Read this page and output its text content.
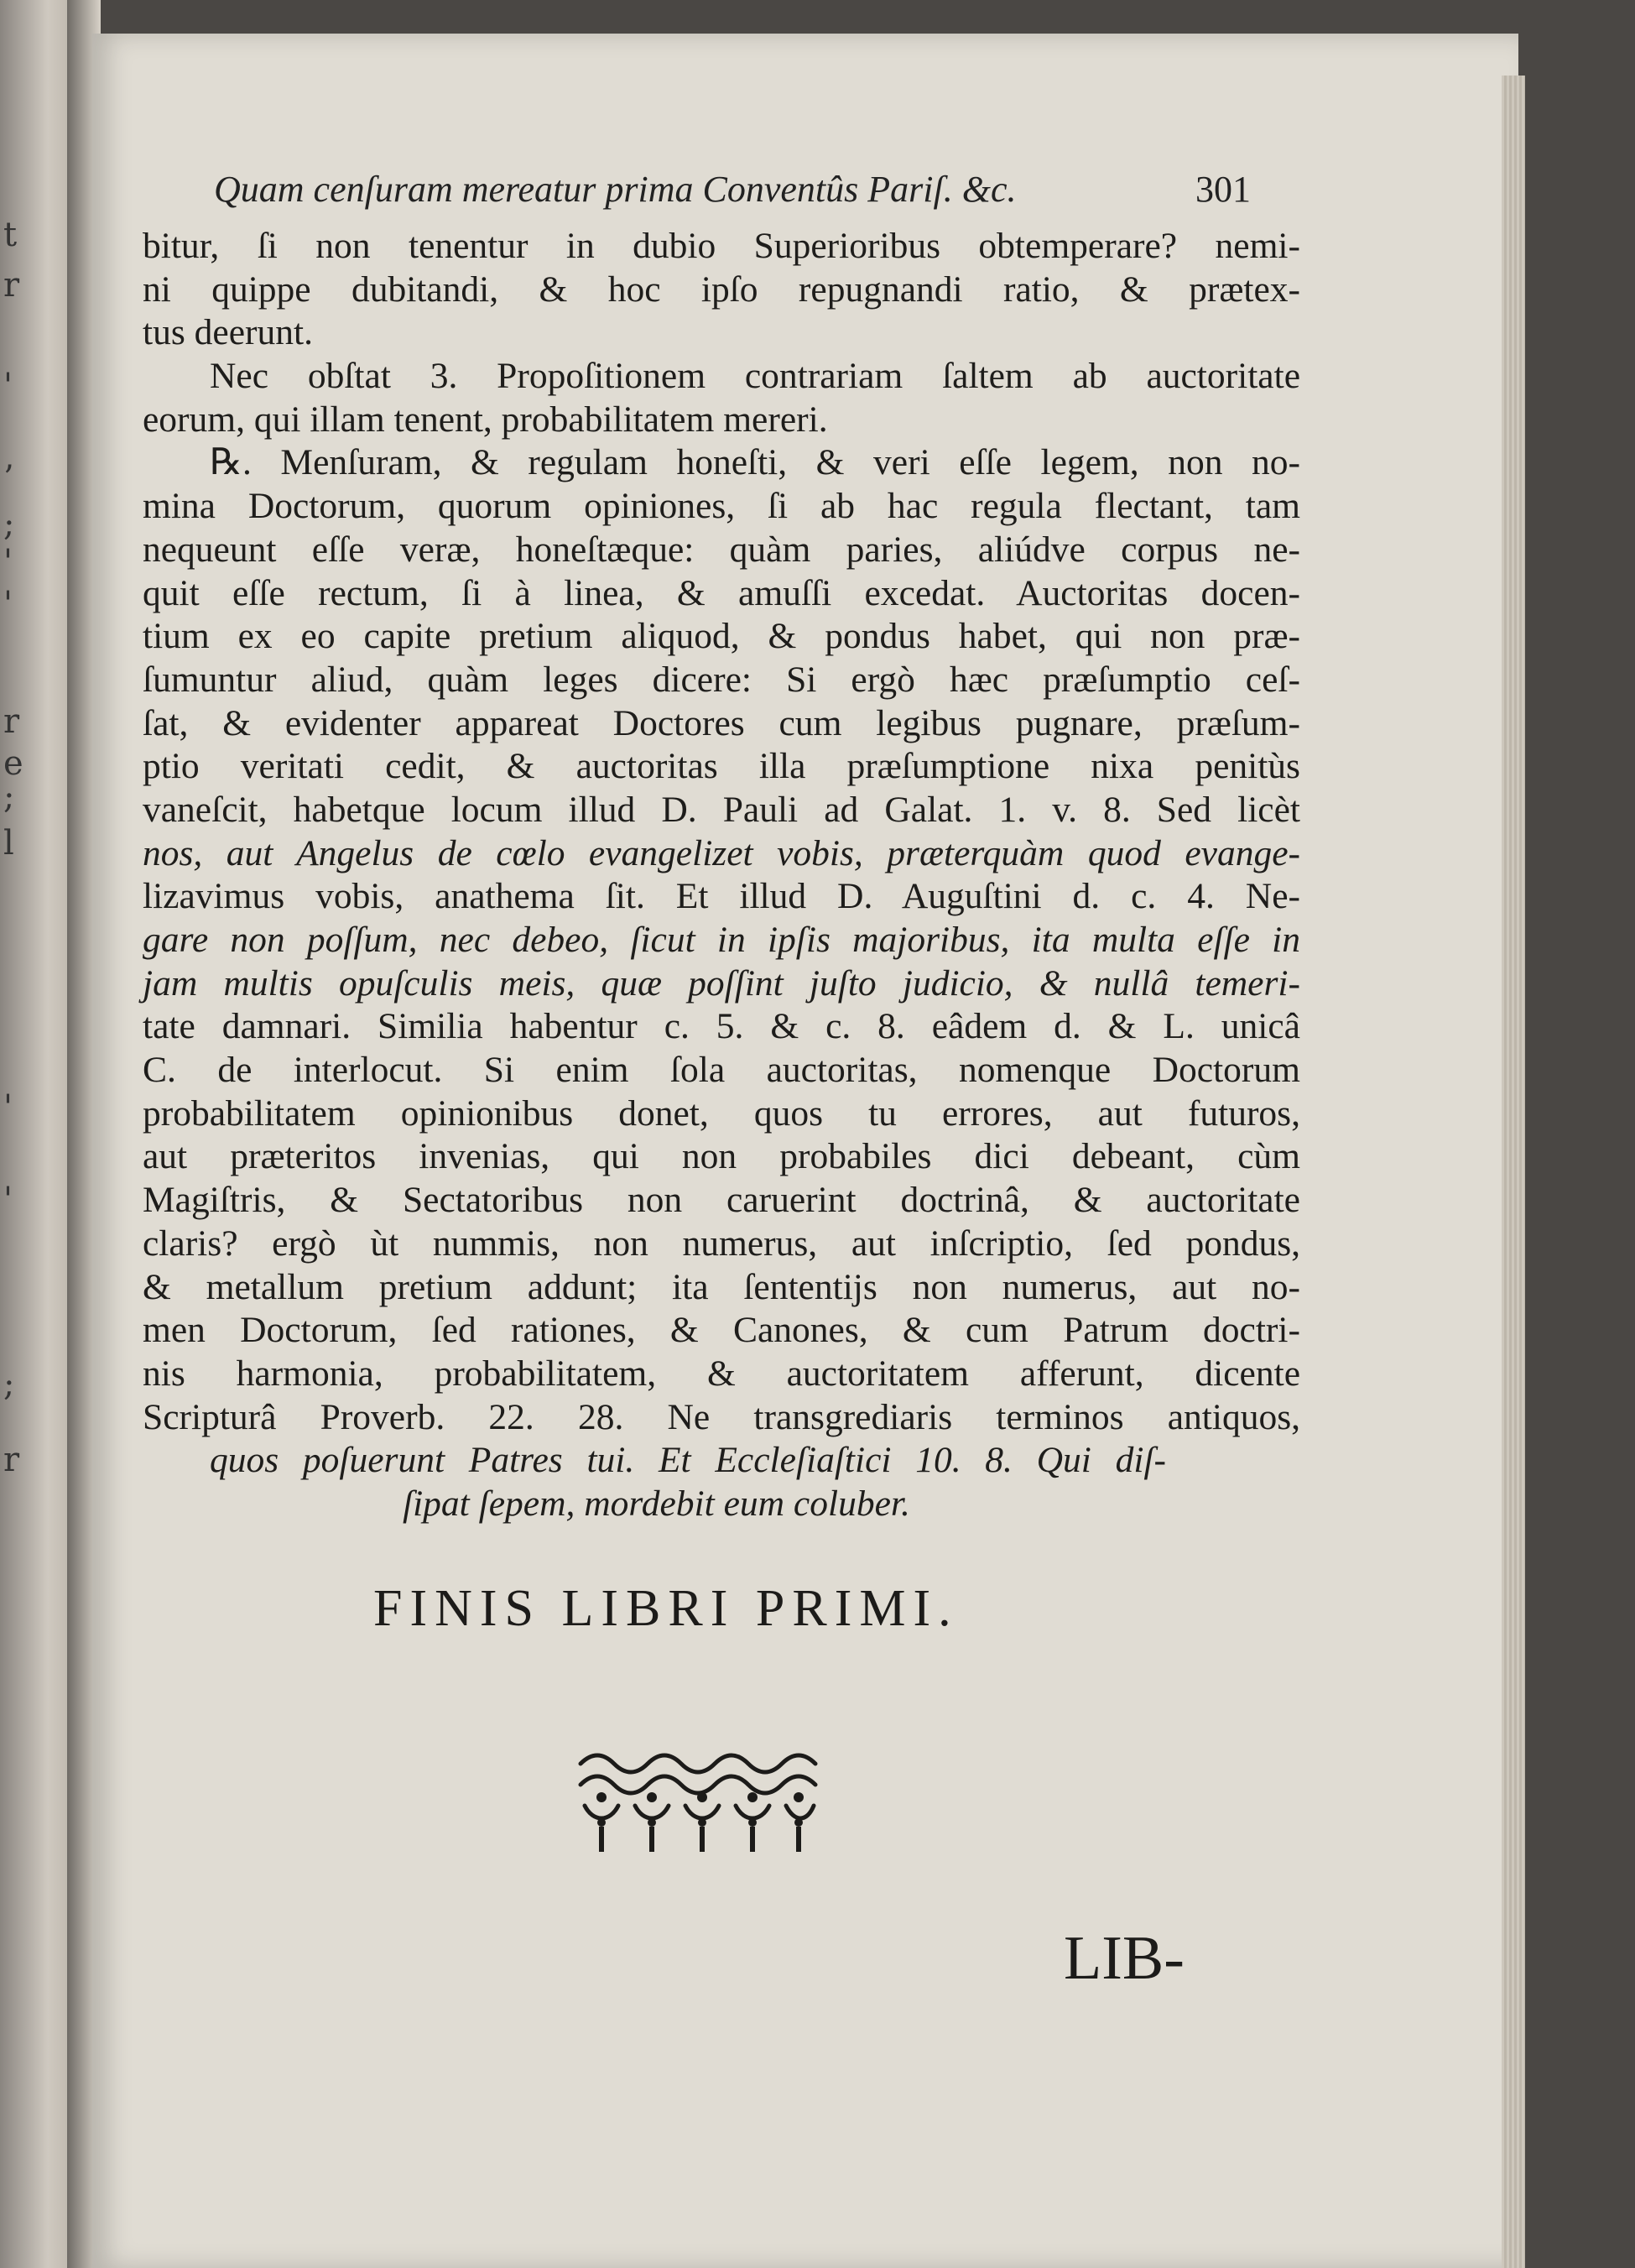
t
r
'
’
;
'
'
r
e
;
l
'
'
;
r
Quam cenſuram mereatur prima Conventûs Pariſ. &c.	301
bitur, ſi non tenentur in dubio Superioribus obtemperare? nemi-
ni quippe dubitandi, & hoc ipſo repugnandi ratio, & prætex-
tus deerunt.
Nec obſtat 3. Propoſitionem contrariam ſaltem ab auctoritate
eorum, qui illam tenent, probabilitatem mereri.
℞. Menſuram, & regulam honeſti, & veri eſſe legem, non no-
mina Doctorum, quorum opiniones, ſi ab hac regula flectant, tam
nequeunt eſſe veræ, honeſtæque: quàm paries, aliúdve corpus ne-
quit eſſe rectum, ſi à linea, & amuſſi excedat. Auctoritas docen-
tium ex eo capite pretium aliquod, & pondus habet, qui non præ-
ſumuntur aliud, quàm leges dicere: Si ergò hæc præſumptio ceſ-
ſat, & evidenter appareat Doctores cum legibus pugnare, præſum-
ptio veritati cedit, & auctoritas illa præſumptione nixa penitùs
vaneſcit, habetque locum illud D. Pauli ad Galat. 1. v. 8. Sed licèt
nos, aut Angelus de cœlo evangelizet vobis, præterquàm quod evange-
lizavimus vobis, anathema ſit. Et illud D. Auguſtini d. c. 4. Ne-
gare non poſſum, nec debeo, ſicut in ipſis majoribus, ita multa eſſe in
jam multis opuſculis meis, quæ poſſint juſto judicio, & nullâ temeri-
tate damnari. Similia habentur c. 5. & c. 8. eâdem d. & L. unicâ
C. de interlocut. Si enim ſola auctoritas, nomenque Doctorum
probabilitatem opinionibus donet, quos tu errores, aut futuros,
aut præteritos invenias, qui non probabiles dici debeant, cùm
Magiſtris, & Sectatoribus non caruerint doctrinâ, & auctoritate
claris? ergò ùt nummis, non numerus, aut inſcriptio, ſed pondus,
& metallum pretium addunt; ita ſententijs non numerus, aut no-
men Doctorum, ſed rationes, & Canones, & cum Patrum doctri-
nis harmonia, probabilitatem, & auctoritatem afferunt, dicente
Scripturâ Proverb. 22. 28. Ne transgrediaris terminos antiquos,
quos poſuerunt Patres tui. Et Eccleſiaſtici 10. 8. Qui diſ-
ſipat ſepem, mordebit eum coluber.
FINIS LIBRI PRIMI.
LIB-
